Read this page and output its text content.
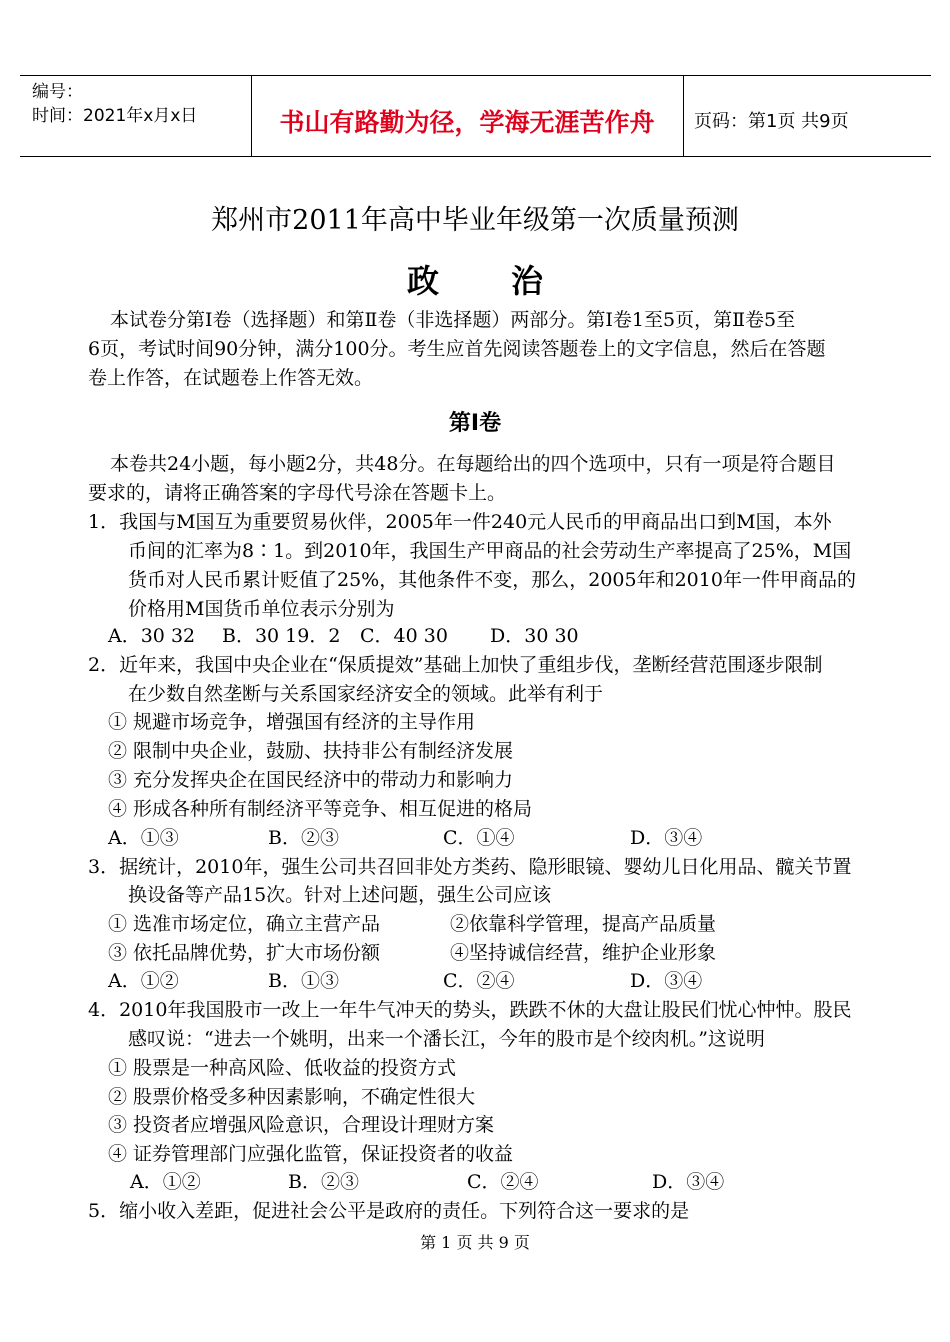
编号：
时间：2021年x月x日	书山有路勤为径，学海无涯苦作舟	页码：第1页 共9页
郑州市2011年高中毕业年级第一次质量预测
政治
本试卷分第Ⅰ卷（选择题）和第Ⅱ卷（非选择题）两部分。第Ⅰ卷1至5页，第Ⅱ卷5至
6页，考试时间90分钟，满分100分。考生应首先阅读答题卷上的文字信息，然后在答题
卷上作答，在试题卷上作答无效。
第Ⅰ卷
本卷共24小题，每小题2分，共48分。在每题给出的四个选项中，只有一项是符合题目
要求的，请将正确答案的字母代号涂在答题卡上。
1．我国与M国互为重要贸易伙伴，2005年一件240元人民币的甲商品出口到M国，本外
币间的汇率为8∶1。到2010年，我国生产甲商品的社会劳动生产率提高了25%，M国
货币对人民币累计贬值了25%，其他条件不变，那么，2005年和2010年一件甲商品的
价格用M国货币单位表示分别为
A．30 32 B．30 19．2 C．40 30 D．30 30
2．近年来，我国中央企业在“保质提效”基础上加快了重组步伐，垄断经营范围逐步限制
在少数自然垄断与关系国家经济安全的领域。此举有利于
① 规避市场竞争，增强国有经济的主导作用
② 限制中央企业，鼓励、扶持非公有制经济发展
③ 充分发挥央企在国民经济中的带动力和影响力
④ 形成各种所有制经济平等竞争、相互促进的格局
A．①③	B．②③	C．①④	D．③④
3．据统计，2010年，强生公司共召回非处方类药、隐形眼镜、婴幼儿日化用品、髋关节置
换设备等产品15次。针对上述问题，强生公司应该
① 选准市场定位，确立主营产品	②依靠科学管理，提高产品质量
③ 依托品牌优势，扩大市场份额	④坚持诚信经营，维护企业形象
A．①②	B．①③	C．②④	D．③④
4．2010年我国股市一改上一年牛气冲天的势头，跌跌不休的大盘让股民们忧心忡忡。股民
感叹说：“进去一个姚明，出来一个潘长江，今年的股市是个绞肉机。”这说明
① 股票是一种高风险、低收益的投资方式
② 股票价格受多种因素影响，不确定性很大
③ 投资者应增强风险意识，合理设计理财方案
④ 证券管理部门应强化监管，保证投资者的收益
A．①②	B．②③	C．②④	D．③④
5．缩小收入差距，促进社会公平是政府的责任。下列符合这一要求的是
第 1 页 共 9 页
